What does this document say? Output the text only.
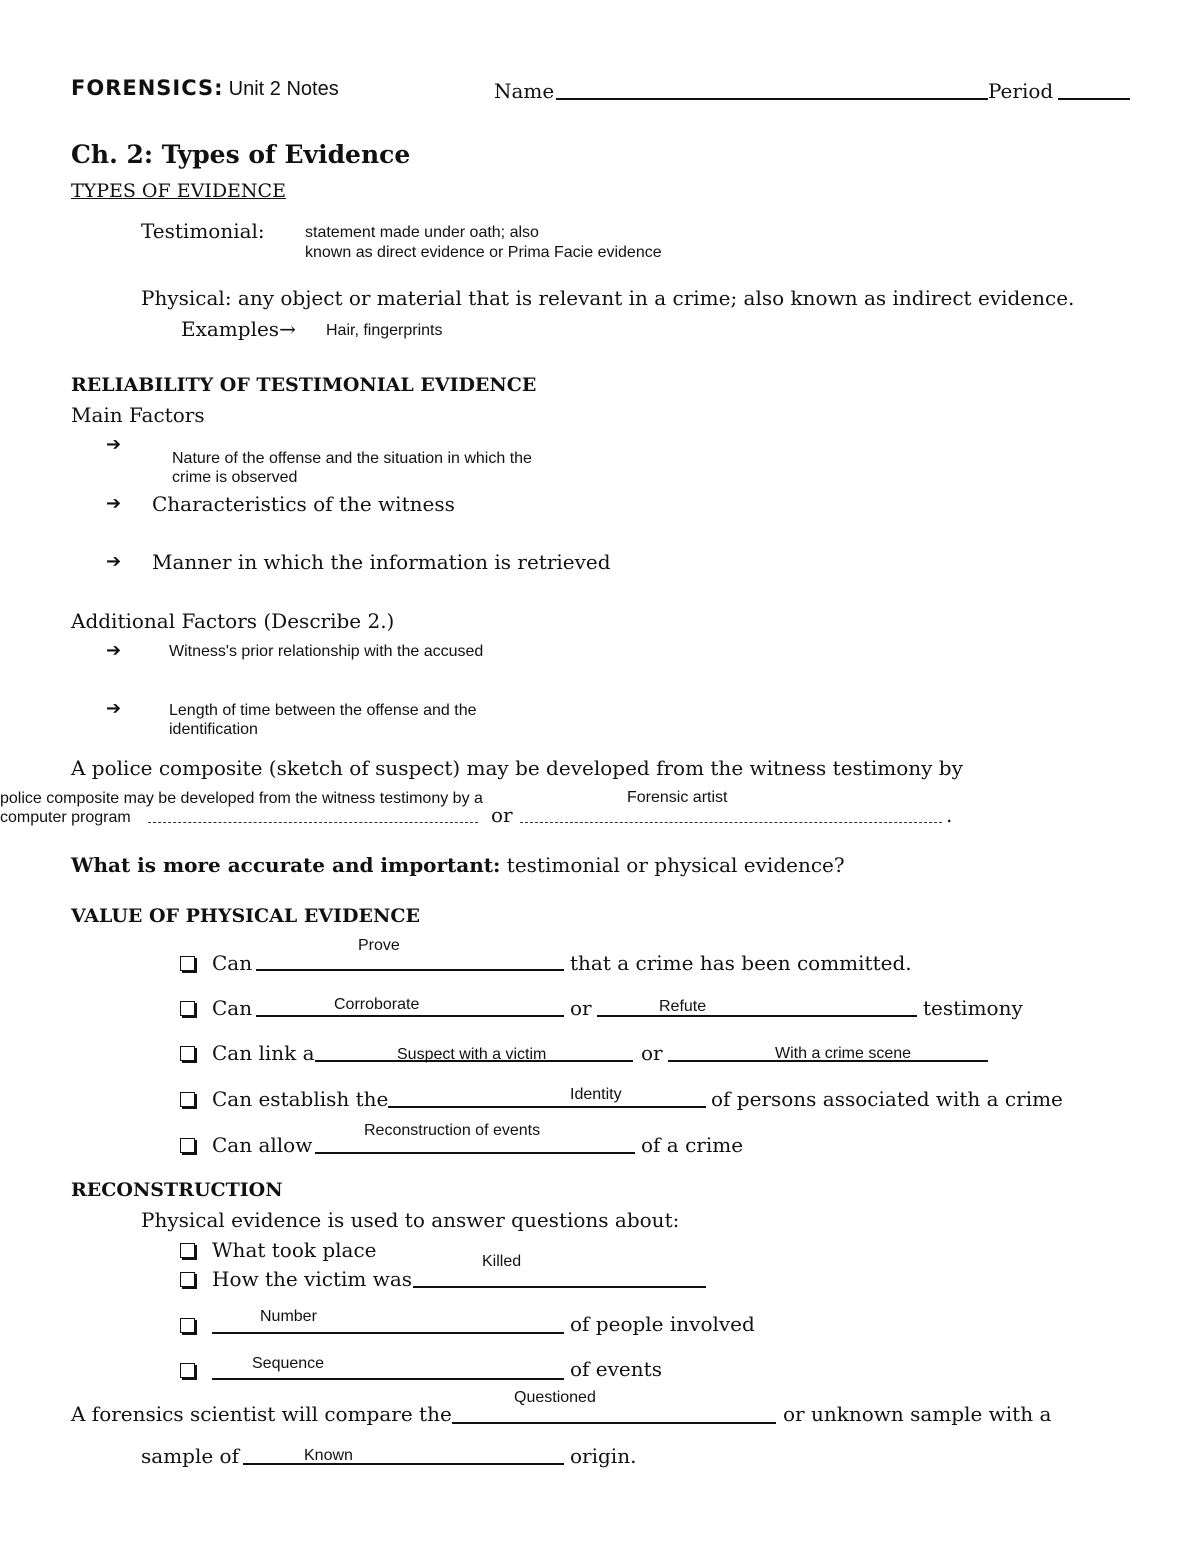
FORENSICS: Unit 2 Notes	Name	Period
Ch. 2: Types of Evidence
TYPES OF EVIDENCE
Testimonial:	statement made under oath; also
known as direct evidence or Prima Facie evidence
Physical: any object or material that is relevant in a crime; also known as indirect evidence.
Examples→ Hair, fingerprints
RELIABILITY OF TESTIMONIAL EVIDENCE
Main Factors
➔
Nature of the offense and the situation in which the
crime is observed
➔ Characteristics of the witness
➔ Manner in which the information is retrieved
Additional Factors (Describe 2.)
➔	Witness's prior relationship with the accused
➔	Length of time between the offense and the
identification
A police composite (sketch of suspect) may be developed from the witness testimony by
police composite may be developed from the witness testimony by a
computer program
Forensic artist
or	.
What is more accurate and important: testimonial or physical evidence?
VALUE OF PHYSICAL EVIDENCE
Can
Prove
that a crime has been committed.
Can	Corroborate	or	Refute	testimony
Can link a	Suspect with a victim	or	With a crime scene
Can establish the	Identity	of persons associated with a crime
Can allow
Reconstruction of events
of a crime
RECONSTRUCTION
Physical evidence is used to answer questions about:
What took place
How the victim was
Killed
Number	of people involved
Sequence	of events
A forensics scientist will compare the
Questioned
or unknown sample with a
sample of	Known	origin.
